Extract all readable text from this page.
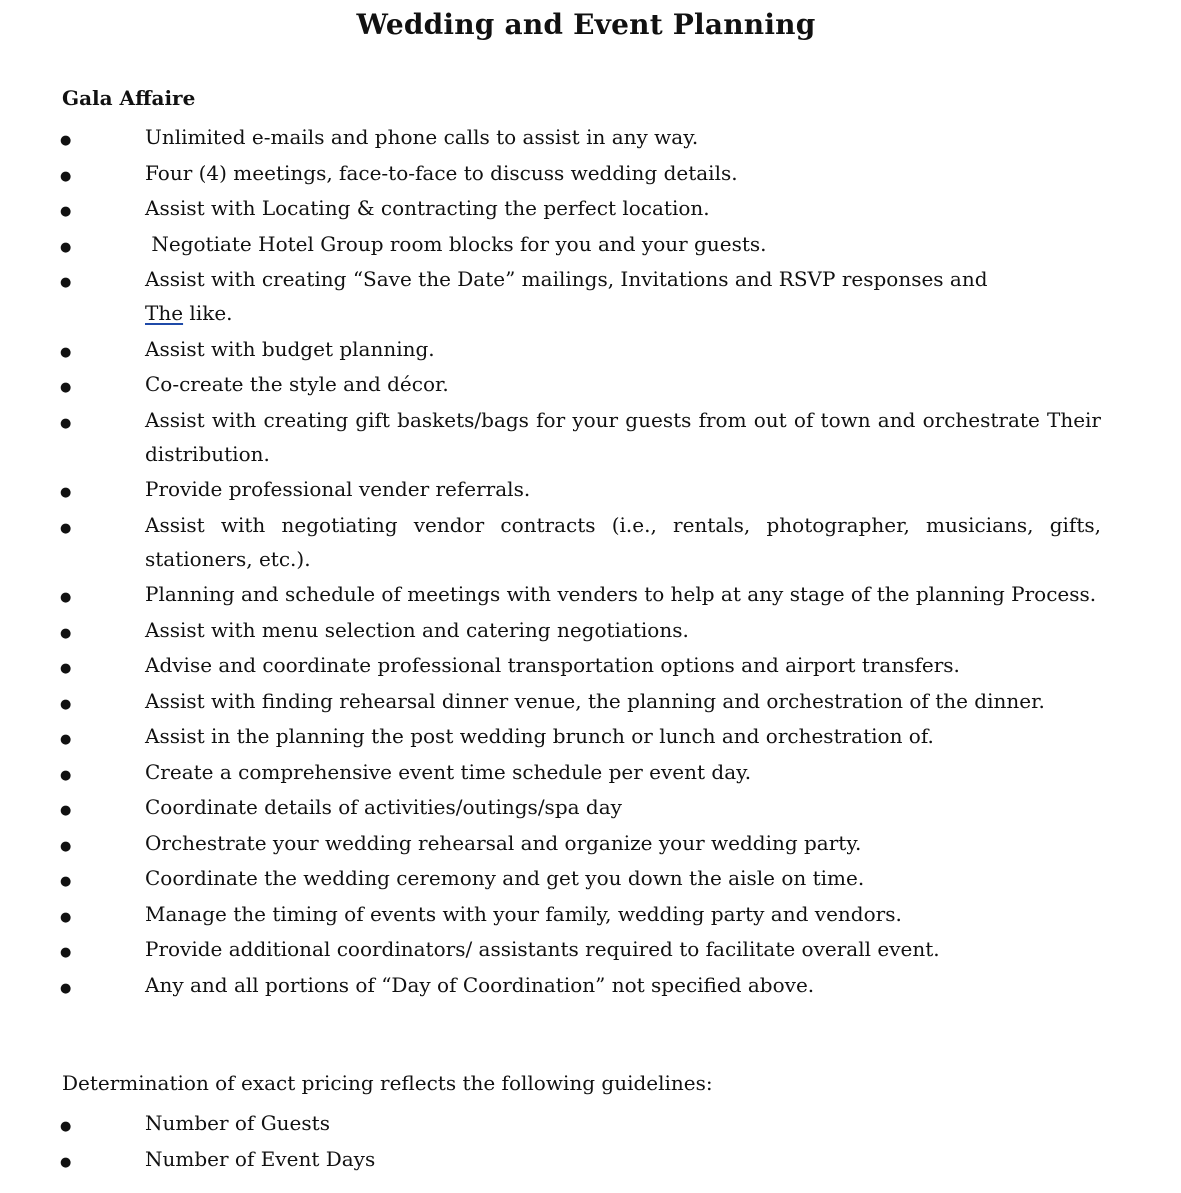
Wedding and Event Planning
Gala Affaire
●
Unlimited e-mails and phone calls to assist in any way.
●
Four (4) meetings, face-to-face to discuss wedding details.
●
Assist with Locating & contracting the perfect location.
●
Negotiate Hotel Group room blocks for you and your guests.
●
Assist with creating “Save the Date” mailings, Invitations and RSVP responses and
The like.
●
Assist with budget planning.
●
Co-create the style and décor.
●
Assist with creating gift baskets/bags for your guests from out of town and orchestrate Their distribution.
●
Provide professional vender referrals.
●
Assist with negotiating vendor contracts (i.e., rentals, photographer, musicians, gifts, stationers, etc.).
●
Planning and schedule of meetings with venders to help at any stage of the planning Process.
●
Assist with menu selection and catering negotiations.
●
Advise and coordinate professional transportation options and airport transfers.
●
Assist with finding rehearsal dinner venue, the planning and orchestration of the dinner.
●
Assist in the planning the post wedding brunch or lunch and orchestration of.
●
Create a comprehensive event time schedule per event day.
●
Coordinate details of activities/outings/spa day
●
Orchestrate your wedding rehearsal and organize your wedding party.
●
Coordinate the wedding ceremony and get you down the aisle on time.
●
Manage the timing of events with your family, wedding party and vendors.
●
Provide additional coordinators/ assistants required to facilitate overall event.
●
Any and all portions of “Day of Coordination” not specified above.

Determination of exact pricing reflects the following guidelines:

●
Number of Guests
●
Number of Event Days
